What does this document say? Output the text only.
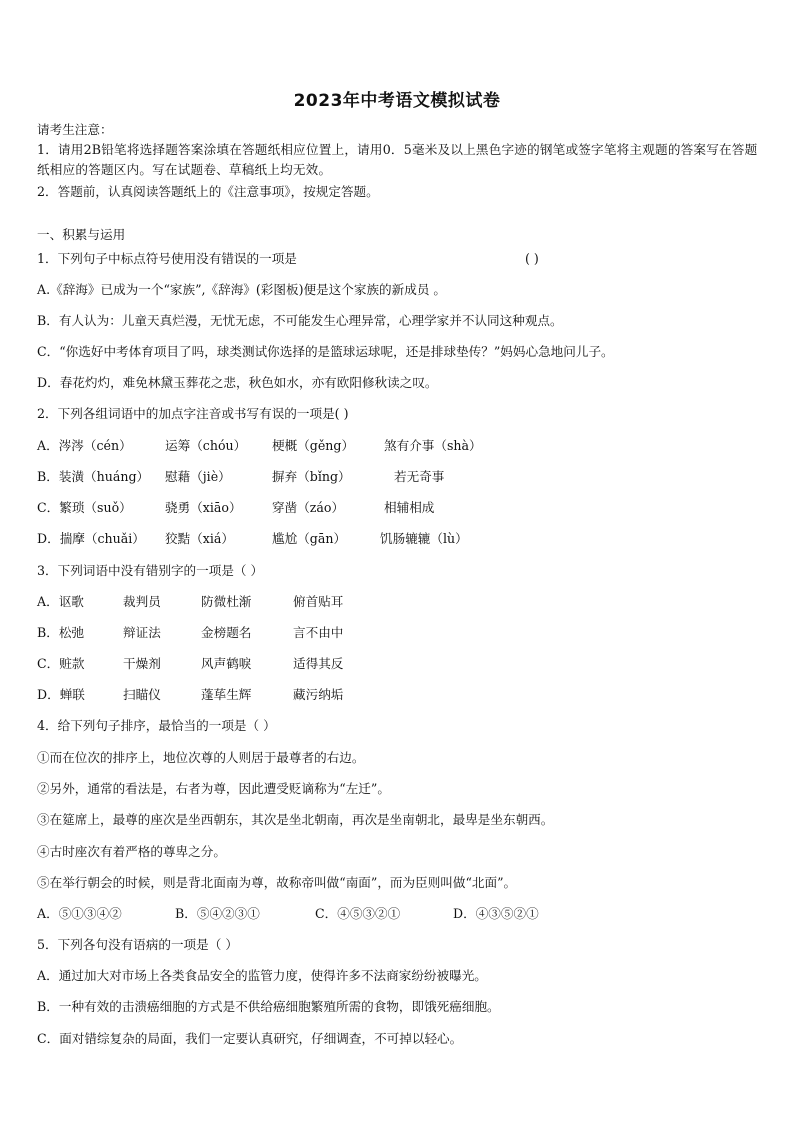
2023年中考语文模拟试卷
请考生注意：
1．请用2B铅笔将选择题答案涂填在答题纸相应位置上，请用0．5毫米及以上黑色字迹的钢笔或签字笔将主观题的答案写在答题纸相应的答题区内。写在试题卷、草稿纸上均无效。
2．答题前，认真阅读答题纸上的《注意事项》，按规定答题。
一、积累与运用
1．下列句子中标点符号使用没有错误的一项是	( )
A.《辞海》已成为一个“家族”,《辞海》(彩图板)便是这个家族的新成员 。
B．有人认为：儿童天真烂漫，无忧无虑，不可能发生心理异常，心理学家并不认同这种观点。
C．“你选好中考体育项目了吗，球类测试你选择的是篮球运球呢，还是排球垫传？”妈妈心急地问儿子。
D．春花灼灼，难免林黛玉葬花之悲，秋色如水，亦有欧阳修秋读之叹。
2．下列各组词语中的加点字注音或书写有误的一项是( )
A．涔涔（cén）	运筹（chóu）	梗概（gěng）	煞有介事（shà）
B．装潢（huáng）	慰藉（jiè）	摒弃（bǐng）	若无奇事
C．繁琐（suǒ）	骁勇（xiāo）	穿凿（záo）	相辅相成
D．揣摩（chuǎi）	狡黠（xiá）	尴尬（gān）	饥肠辘辘（lù）
3．下列词语中没有错别字的一项是（ ）
A．讴歌	裁判员	防微杜渐	俯首贴耳
B．松弛	辩证法	金榜题名	言不由中
C．赃款	干燥剂	风声鹤唳	适得其反
D．蝉联	扫瞄仪	蓬荜生辉	藏污纳垢
4．给下列句子排序，最恰当的一项是（ ）
①而在位次的排序上，地位次尊的人则居于最尊者的右边。
②另外，通常的看法是，右者为尊，因此遭受贬谪称为“左迁”。
③在筵席上，最尊的座次是坐西朝东，其次是坐北朝南，再次是坐南朝北，最卑是坐东朝西。
④古时座次有着严格的尊卑之分。
⑤在举行朝会的时候，则是背北面南为尊，故称帝叫做“南面”，而为臣则叫做“北面”。
A．⑤①③④②	B．⑤④②③①	C．④⑤③②①	D．④③⑤②①
5．下列各句没有语病的一项是（ ）
A．通过加大对市场上各类食品安全的监管力度，使得许多不法商家纷纷被曝光。
B．一种有效的击溃癌细胞的方式是不供给癌细胞繁殖所需的食物，即饿死癌细胞。
C．面对错综复杂的局面，我们一定要认真研究，仔细调查，不可掉以轻心。
